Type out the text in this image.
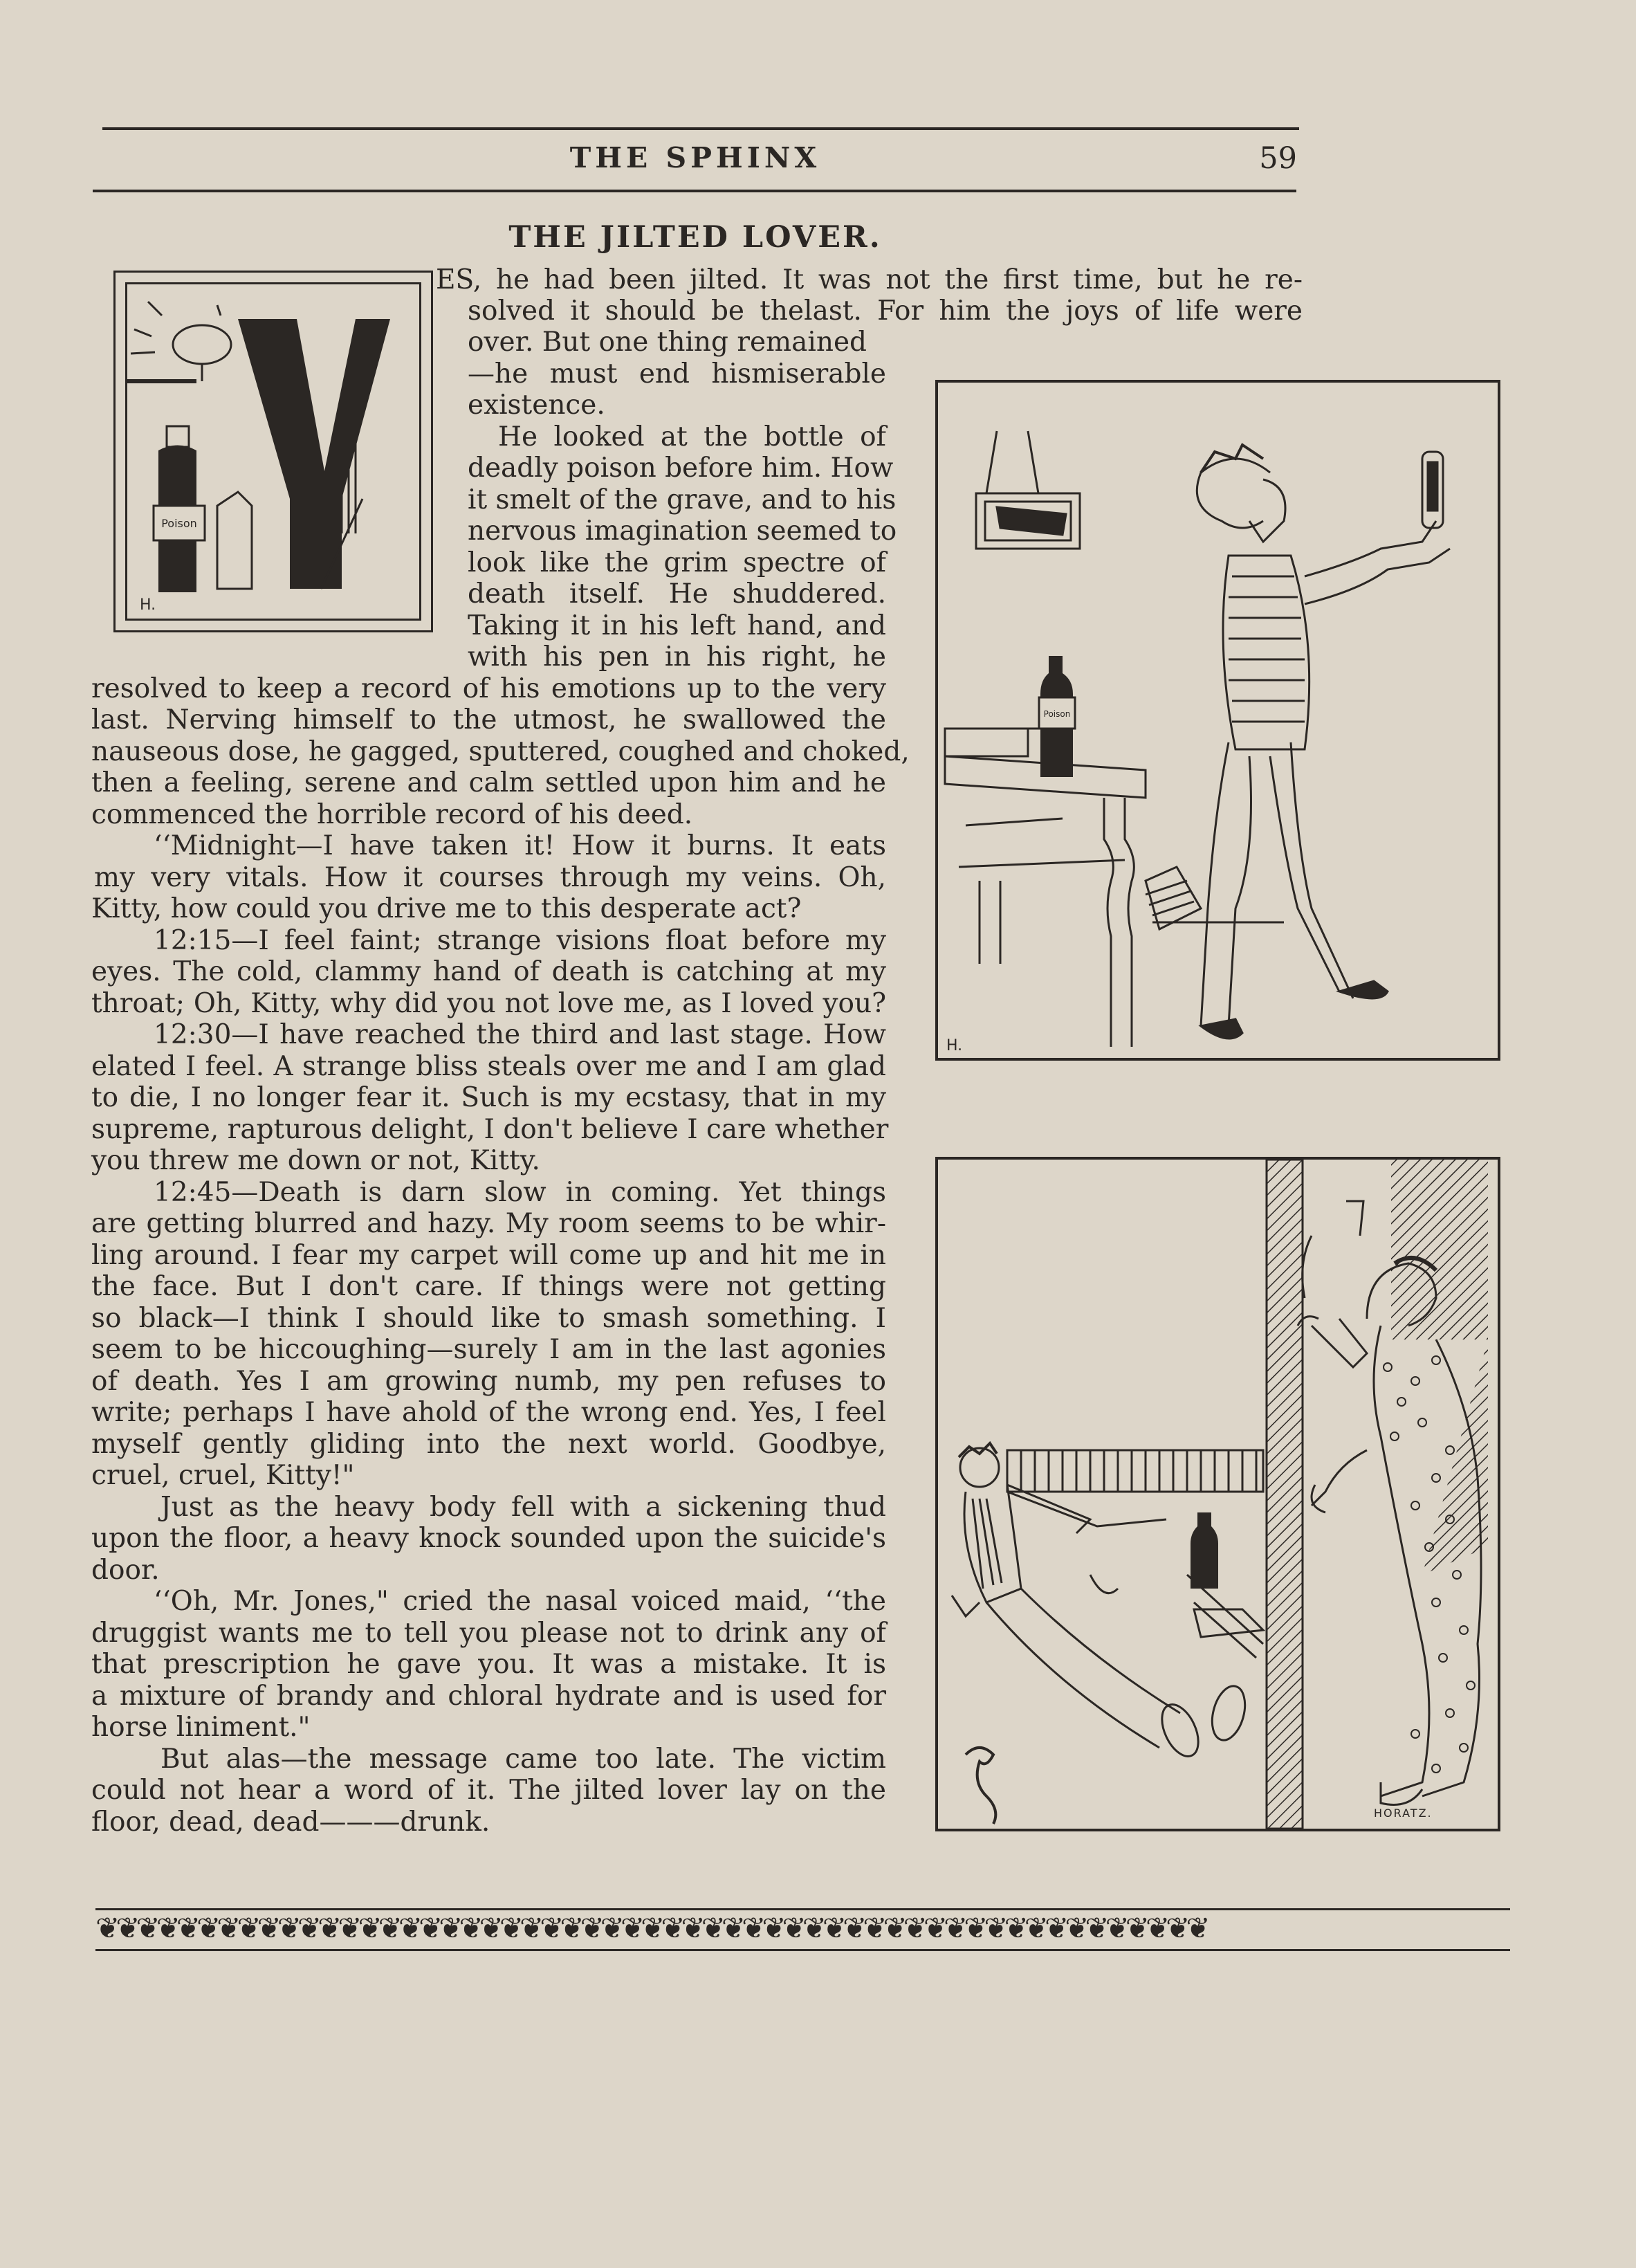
THE SPHINX	59
THE JILTED LOVER.
Poison
H.
ES, he had been jilted. It was not the first time, but he re-
solved it should be thelast. For him the joys of life were
over. But one thing remained
—he must end hismiserable
existence.
He looked at the bottle of
deadly poison before him. How
it smelt of the grave, and to his
nervous imagination seemed to
look like the grim spectre of
death itself. He shuddered.
Taking it in his left hand, and
with his pen in his right, he
resolved to keep a record of his emotions up to the very
last. Nerving himself to the utmost, he swallowed the
nauseous dose, he gagged, sputtered, coughed and choked,
then a feeling, serene and calm settled upon him and he
commenced the horrible record of his deed.
‘‘Midnight—I have taken it! How it burns. It eats
my very vitals. How it courses through my veins. Oh,
Kitty, how could you drive me to this desperate act?
12:15—I feel faint; strange visions float before my
eyes. The cold, clammy hand of death is catching at my
throat; Oh, Kitty, why did you not love me, as I loved you?
12:30—I have reached the third and last stage. How
elated I feel. A strange bliss steals over me and I am glad
to die, I no longer fear it. Such is my ecstasy, that in my
supreme, rapturous delight, I don't believe I care whether
you threw me down or not, Kitty.
12:45—Death is darn slow in coming. Yet things
are getting blurred and hazy. My room seems to be whir-
ling around. I fear my carpet will come up and hit me in
the face. But I don't care. If things were not getting
so black—I think I should like to smash something. I
seem to be hiccoughing—surely I am in the last agonies
of death. Yes I am growing numb, my pen refuses to
write; perhaps I have ahold of the wrong end. Yes, I feel
myself gently gliding into the next world. Goodbye,
cruel, cruel, Kitty!"
Just as the heavy body fell with a sickening thud
upon the floor, a heavy knock sounded upon the suicide's
door.
‘‘Oh, Mr. Jones," cried the nasal voiced maid, ‘‘the
druggist wants me to tell you please not to drink any of
that prescription he gave you. It was a mistake. It is
a mixture of brandy and chloral hydrate and is used for
horse liniment."
But alas—the message came too late. The victim
could not hear a word of it. The jilted lover lay on the
floor, dead, dead———drunk.
Poison
H.
HORATZ.
❦❦❦❦❦❦❦❦❦❦❦❦❦❦❦❦❦❦❦❦❦❦❦❦❦❦❦❦❦❦❦❦❦❦❦❦❦❦❦❦❦❦❦❦❦❦❦❦❦❦❦❦❦❦❦
